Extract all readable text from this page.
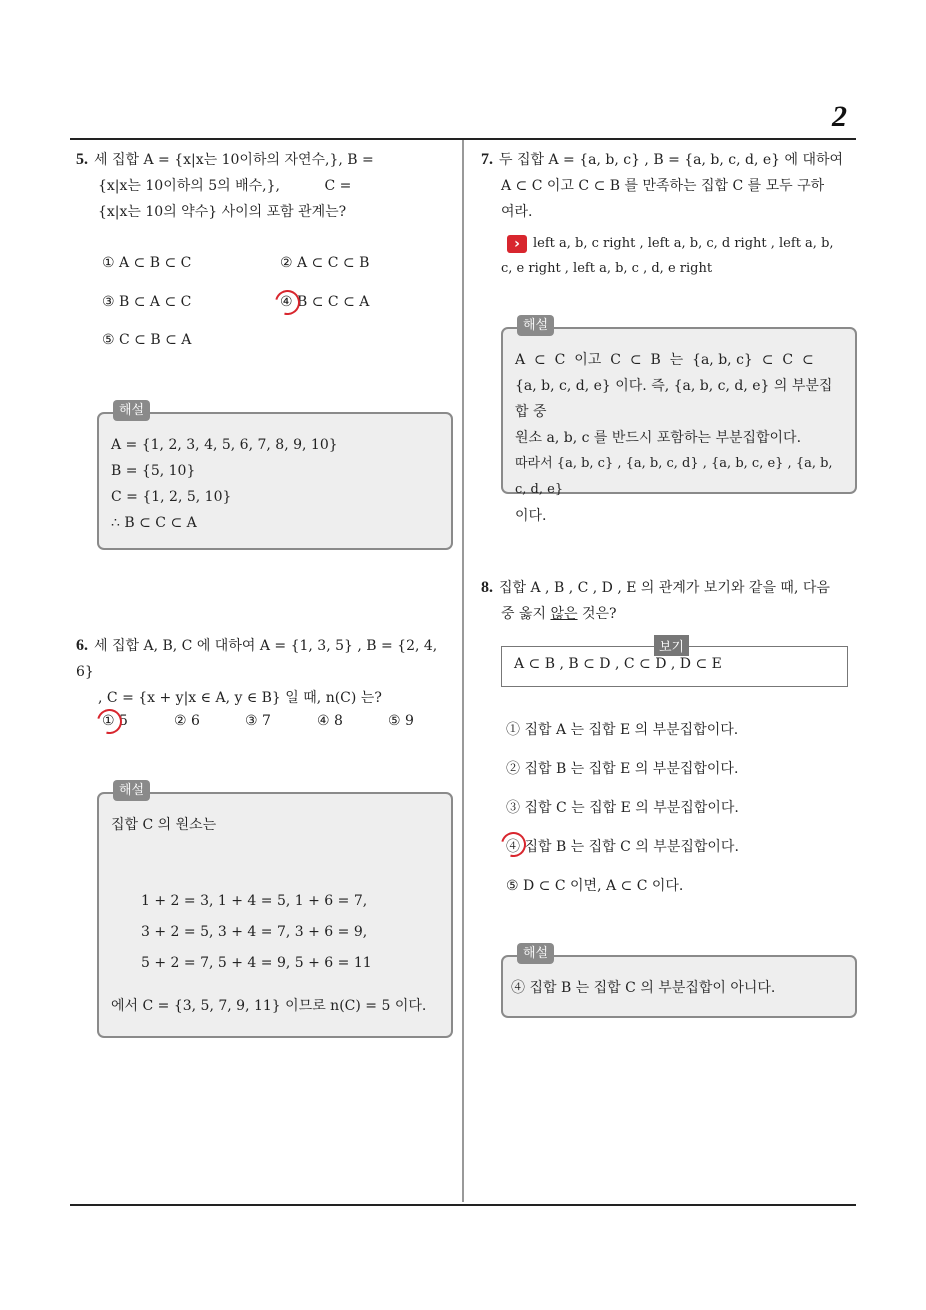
2
5. 세 집합 A = {x|x는 10이하의 자연수,}, B =
{x|x는 10이하의 5의 배수,},          C =
{x|x는 10의 약수} 사이의 포함 관계는?
① A ⊂ B ⊂ C	② A ⊂ C ⊂ B
③ B ⊂ A ⊂ C	④ B ⊂ C ⊂ A
⑤ C ⊂ B ⊂ A
해설
A = {1, 2, 3, 4, 5, 6, 7, 8, 9, 10}
B = {5, 10}
C = {1, 2, 5, 10}
∴ B ⊂ C ⊂ A
6. 세 집합 A, B, C 에 대하여 A = {1, 3, 5} , B = {2, 4, 6}
, C = {x + y|x ∈ A, y ∈ B} 일 때, n(C) 는?
① 5	② 6	③ 7	④ 8	⑤ 9
해설
집합 C 의 원소는
1 + 2 = 3, 1 + 4 = 5, 1 + 6 = 7,
3 + 2 = 5, 3 + 4 = 7, 3 + 6 = 9,
5 + 2 = 7, 5 + 4 = 9, 5 + 6 = 11
에서 C = {3, 5, 7, 9, 11} 이므로 n(C) = 5 이다.
7. 두 집합 A = {a, b, c} , B = {a, b, c, d, e} 에 대하여
A ⊂ C 이고 C ⊂ B 를 만족하는 집합 C 를 모두 구하
여라.
› left a, b, c right , left a, b, c, d right , left a, b,
c, e right , left a, b, c , d, e right
해설
A  ⊂  C  이고  C  ⊂  B  는  {a, b, c}  ⊂  C  ⊂
{a, b, c, d, e} 이다. 즉, {a, b, c, d, e} 의 부분집합 중
원소 a, b, c 를 반드시 포함하는 부분집합이다.
따라서 {a, b, c} , {a, b, c, d} , {a, b, c, e} , {a, b, c, d, e}
이다.
8. 집합 A , B , C , D , E 의 관계가 보기와 같을 때, 다음
중 옳지 않은 것은?
보기
A ⊂ B , B ⊂ D , C ⊂ D , D ⊂ E
① 집합 A 는 집합 E 의 부분집합이다.
② 집합 B 는 집합 E 의 부분집합이다.
③ 집합 C 는 집합 E 의 부분집합이다.
④ 집합 B 는 집합 C 의 부분집합이다.
⑤ D ⊂ C 이면, A ⊂ C 이다.
해설
④ 집합 B 는 집합 C 의 부분집합이 아니다.
